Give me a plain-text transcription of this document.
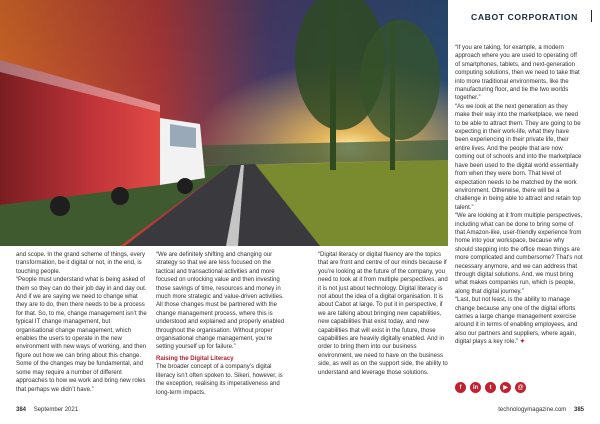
CABOT CORPORATION

and scope. In the grand scheme of things, every transformation, be it digital or not, in the end, is touching people.

“People must understand what is being asked of them so they can do their job day in and day out. And if we are saying we need to change what they are to do, then there needs to be a process for that. So, to me, change management isn’t the typical IT change management, but organisational change management, which enables the users to operate in the new environment with new ways of working, and then figure out how we can bring about this change. Some of the changes may be fundamental, and some may require a number of different approaches to how we work and bring new roles that perhaps we didn’t have.”

“We are definitely shifting and changing our strategy so that we are less focused on the tactical and transactional activities and more focused on unlocking value and then investing those savings of time, resources and money in much more strategic and value-driven activities. All those changes must be partnered with the change management process, where this is understood and explained and properly enabled throughout the organisation. Without proper organisational change management, you’re setting yourself up for failure.”

Raising the Digital Literacy

The broader concept of a company’s digital literacy isn’t often spoken to. Sikeri, however, is the exception, realising its imperativeness and long-term impacts.

“Digital literacy or digital fluency are the topics that are front and centre of our minds because if you’re looking at the future of the company, you need to look at it from multiple perspectives, and it is not just about technology. Digital literacy is not about the idea of a digital organisation. It is about Cabot at large. To put it in perspective, if we are talking about bringing new capabilities, new capabilities that exist today, and new capabilities that will exist in the future, those capabilities are heavily digitally enabled. And in order to bring them into our business environment, we need to have on the business side, as well as on the support side, the ability to understand and leverage those solutions.

“If you are taking, for example, a modern approach where you are used to operating off of smartphones, tablets, and next-generation computing solutions, then we need to take that into more traditional environments, like the manufacturing floor, and tie the two worlds together.”

“As we look at the next generation as they make their way into the marketplace, we need to be able to attract them. They are going to be expecting in their work-life, what they have been experiencing in their private life, their entire lives. And the people that are now coming out of schools and into the marketplace have been used to the digital world essentially from when they were born. That level of expectation needs to be matched by the work environment. Otherwise, there will be a challenge in being able to attract and retain top talent.”

“We are looking at it from multiple perspectives, including what can be done to bring some of that Amazon-like, user-friendly experience from home into your workspace, because why should stepping into the office mean things are more complicated and cumbersome? That’s not necessary anymore, and we can address that through digital solutions. And, we must bring what makes companies run, which is people, along that digital journey.”

“Last, but not least, is the ability to manage change because any one of the digital efforts carries a large change management exercise around it in terms of enabling employees, and also our partners and suppliers, where again, digital plays a key role.” ✦

f	in	t	▶	@
384 September 2021	technologymagazine.com 385
